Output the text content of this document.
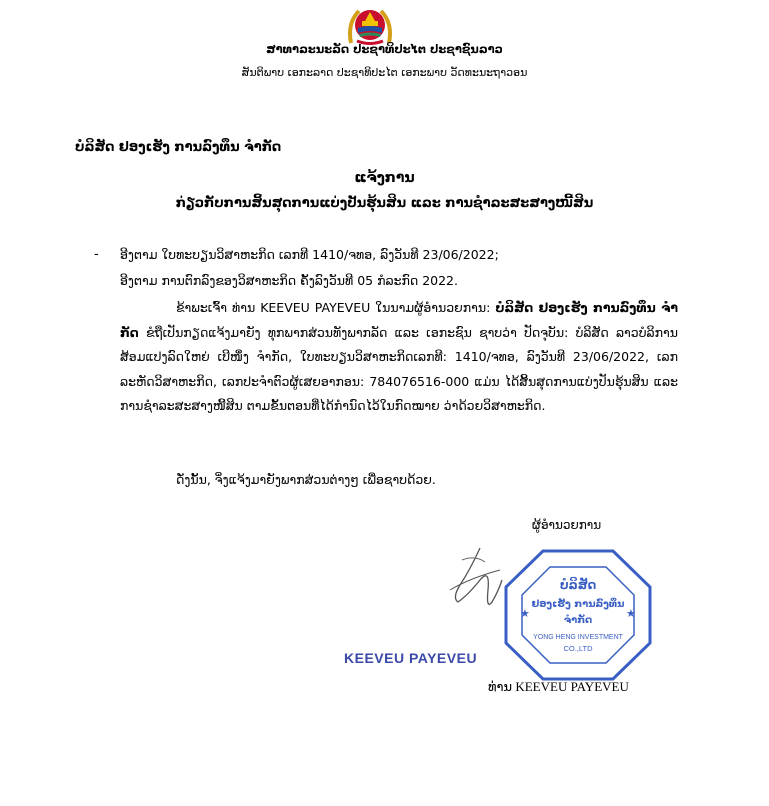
ສາທາລະນະລັດ ປະຊາທິປະໄຕ ປະຊາຊົນລາວ
ສັນຕິພາບ ເອກະລາດ ປະຊາທິປະໄຕ ເອກະພາບ ວັດທະນະຖາວອນ
ບໍລິສັດ ຢອງເຮັງ ການລົງທຶນ ຈໍາກັດ
ແຈ້ງການ
ກ່ຽວກັບການສິ້ນສຸດການແບ່ງປັນຮຸ້ນສິນ ແລະ ການຊໍາລະສະສາງໜີ້ສິນ
- ອີງຕາມ ໃບທະບຽນວິສາຫະກິດ ເລກທີ 1410/ຈທອ, ລົງວັນທີ 23/06/2022;
ອີງຕາມ ການຕົກລົງຂອງວິສາຫະກິດ ຄັ້ງລົງວັນທີ 05 ກໍລະກົດ 2022.
ຂ້າພະເຈົ້າ ທ່ານ KEEVEU PAYEVEU ໃນນາມຜູ້ອໍານວຍການ: ບໍລິສັດ ຢອງເຮັງ ການລົງທຶນ ຈໍາກັດ ຂໍຖືເປັນກຽດແຈ້ງມາຍັງ ທຸກພາກສ່ວນທັງພາກລັດ ແລະ ເອກະຊົນ ຊາບວ່າ ປັດຈຸບັນ: ບໍລິສັດ ລາວບໍລິການສ້ອມແປງລົດໃຫຍ່ ເບີໜຶ່ງ ຈໍາກັດ, ໃບທະບຽນວິສາຫະກິດເລກທີ: 1410/ຈທອ, ລົງວັນທີ 23/06/2022, ເລກລະຫັດວິສາຫະກິດ, ເລກປະຈໍາຕົວຜູ້ເສຍອາກອນ: 784076516-000 ແມ່ນ ໄດ້ສິ້ນສຸດການແບ່ງປັນຮຸ້ນສິນ ແລະ ການຊໍາລະສະສາງໜີ້ສິນ ຕາມຂັ້ນຕອນທີ່ໄດ້ກໍານົດໄວ້ໃນກົດໝາຍ ວ່າດ້ວຍວິສາຫະກິດ.
ດັ່ງນັ້ນ, ຈິ່ງແຈ້ງມາຍັງພາກສ່ວນຕ່າງໆ ເພື່ອຊາບດ້ວຍ.
ຜູ້ອໍານວຍການ
KEEVEU PAYEVEU
ບໍລິສັດ
ຢອງເຮັງ ການລົງທຶນ
ຈໍາກັດ
YONG HENG INVESTMENT
CO.,LTD
★	★
ທ່ານ KEEVEU PAYEVEU
